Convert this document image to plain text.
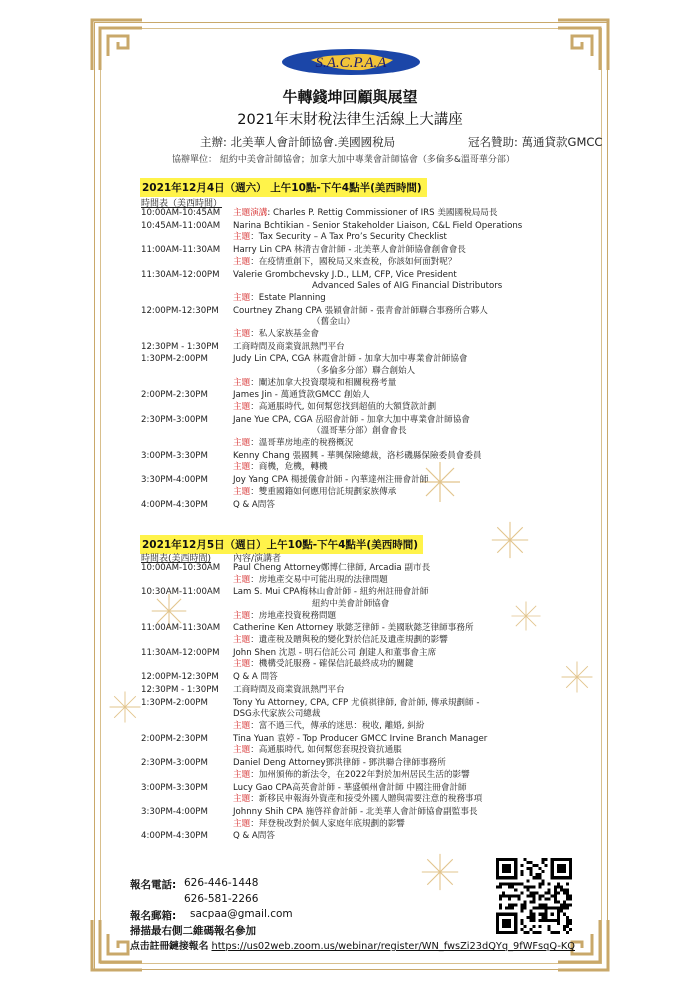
S.A.C.P.A.A
牛轉錢坤回顧與展望
2021年末財稅法律生活線上大講座
主辦: 北美華人會計師協會.美國國稅局	冠名贊助: 萬通貸款GMCC
協辦單位： 紐約中美會計師協會；加拿大加中專業會計師協會（多倫多&溫哥華分部）
2021年12月4日（週六） 上午10點-下午4點半(美西時間)
時間表（美西時間）
10:00AM-10:45AM 主題演講: Charles P. Rettig Commissioner of IRS 美國國稅局局長
10:45AM-11:00AM Narina Bchtikian - Senior Stakeholder Liaison, C&L Field Operations
主題：Tax Security – A Tax Pro’s Security Checklist
11:00AM-11:30AM Harry Lin CPA 林清吉會計師 - 北美華人會計師協會創會會長
主題：在疫情重創下，國稅局又來查稅，你該如何面對呢？
11:30AM-12:00PM Valerie Grombchevsky J.D., LLM, CFP, Vice President
Advanced Sales of AIG Financial Distributors
主題：Estate Planning
12:00PM-12:30PM Courtney Zhang CPA 張穎會計師 - 張青會計師聯合事務所合夥人
（舊金山）
主題：私人家族基金會
12:30PM - 1:30PM 工商時間及商業資訊熱門平台
1:30PM-2:00PM	Judy Lin CPA, CGA 林霞會計師 - 加拿大加中專業會計師協會
（多倫多分部）聯合創始人
主題：闡述加拿大投資環境和相關稅務考量
2:00PM-2:30PM	James Jin - 萬通貸款GMCC 創始人
主題：高通脹時代, 如何幫您找到超值的大額貸款計劃
2:30PM-3:00PM	Jane Yue CPA, CGA 岳昭會計師 - 加拿大加中專業會計師協會
（溫哥華分部）創會會長
主題：溫哥華房地產的稅務概況
3:00PM-3:30PM	Kenny Chang 張國興 - 華興保險總裁，洛杉磯縣保險委員會委員
主題：商機，危機，轉機
3:30PM-4:00PM	Joy Yang CPA 楊援儀會計師 - 內華達州注冊會計師
主題：雙重國籍如何應用信託規劃家族傳承
4:00PM-4:30PM	Q & A問答
2021年12月5日（週日）上午10點-下午4點半(美西時間)
時間表(美西時間) 內容/演講者
10:00AM-10:30AM Paul Cheng Attorney鄭博仁律師, Arcadia 副市長
主題：房地產交易中可能出現的法律問題
10:30AM-11:00AM Lam S. Mui CPA梅林山會計師 - 紐約州註冊會計師
紐約中美會計師協會
主題：房地產投資稅務問題
11:00AM-11:30AM Catherine Ken Attorney 耿懿芝律師 - 美國耿懿芝律師事務所
主題：遺產稅及贈與稅的變化對於信託及遺產規劃的影響
11:30AM-12:00PM John Shen 沈恩 - 明石信託公司 創建人和董事會主席
主題：機構受託服務 - 確保信託最終成功的關鍵
12:00PM-12:30PM Q & A 問答
12:30PM - 1:30PM 工商時間及商業資訊熱門平台
1:30PM-2:00PM	Tony Yu Attorney, CPA, CFP 尤偵祺律師, 會計師, 傳承規劃師 -
DSG永代家族公司總裁
主題：富不過三代，傳承的迷思：稅收, 離婚, 糾紛
2:00PM-2:30PM	Tina Yuan 袁婷 - Top Producer GMCC Irvine Branch Manager
主題：高通脹時代, 如何幫您套現投資抗通脹
2:30PM-3:00PM	Daniel Deng Attorney鄧洪律師 - 鄧洪聯合律師事務所
主題：加州頒佈的新法令，在2022年對於加州居民生活的影響
3:00PM-3:30PM	Lucy Gao CPA高英會計師 - 華盛頓州會計師 中國注冊會計師
主題：新移民申報海外資產和接受外國人贈與需要注意的稅務事項
3:30PM-4:00PM	Johnny Shih CPA 施啓祥會計師 - 北美華人會計師協會副監事長
主題：拜登稅改對於個人家庭年底規劃的影響
4:00PM-4:30PM	Q & A問答
報名電話: 626-446-1448
626-581-2266
報名郵箱: sacpaa@gmail.com
掃描最右側二維碼報名參加
点击註冊鏈接報名 https://us02web.zoom.us/webinar/register/WN_fwsZi23dQYq_9fWFsqQ-KQ
